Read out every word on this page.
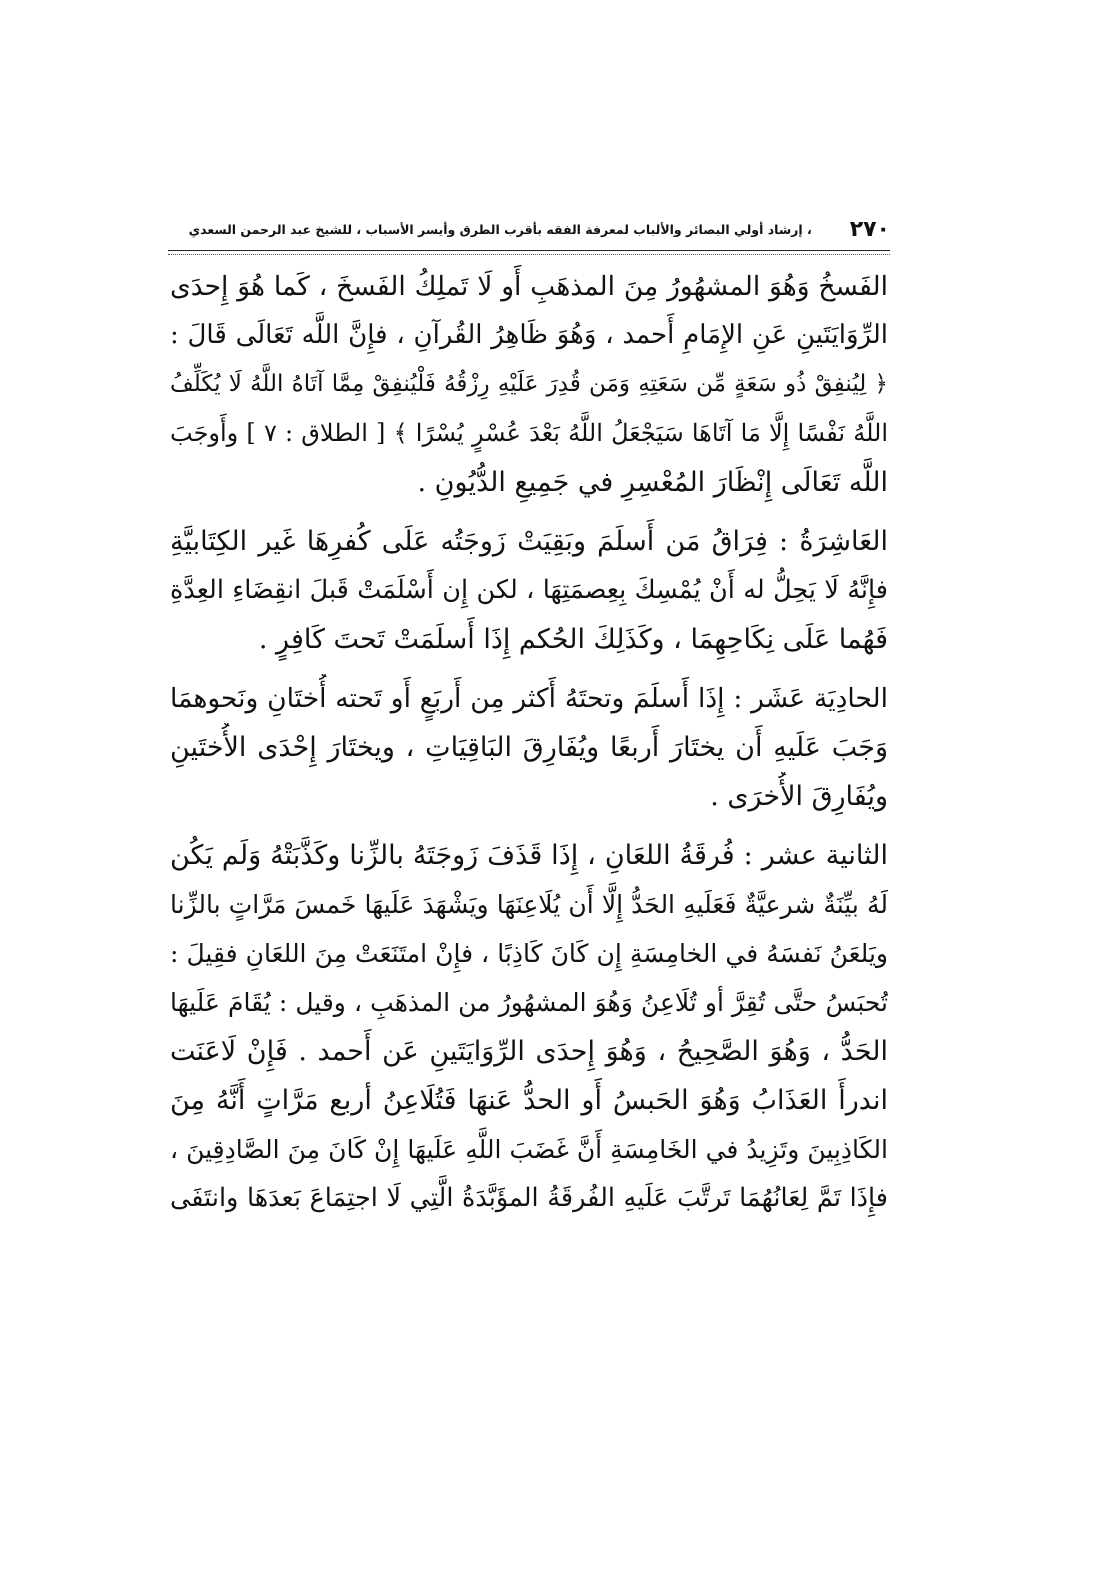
٢٧٠
، إرشاد أولي البصائر والألباب لمعرفة الفقه بأقرب الطرق وأيسر الأسباب ، للشيخ عبد الرحمن السعدي
الفَسخُ وَهُوَ المشهُورُ مِنَ المذهَبِ أَو لَا تَملِكُ الفَسخَ ، كَما هُوَ إِحدَى
الرِّوَايَتَينِ عَنِ الإِمَامِ أَحمد ، وَهُوَ ظَاهِرُ القُرآنِ ، فإِنَّ اللَّه تَعَالَى قَالَ :
﴿ لِيُنفِقْ ذُو سَعَةٍ مِّن سَعَتِهِ وَمَن قُدِرَ عَلَيْهِ رِزْقُهُ فَلْيُنفِقْ مِمَّا آتَاهُ اللَّهُ لَا يُكَلِّفُ
اللَّهُ نَفْسًا إِلَّا مَا آتَاهَا سَيَجْعَلُ اللَّهُ بَعْدَ عُسْرٍ يُسْرًا ﴾ [ الطلاق : ٧ ] وأَوجَبَ
اللَّه تَعَالَى إِنْظَارَ المُعْسِرِ في جَمِيعِ الدُّيُونِ .
العَاشِرَةُ : فِرَاقُ مَن أَسلَمَ وبَقِيَتْ زَوجَتُه عَلَى كُفرِهَا غَير الكِتَابيَّةِ
فإِنَّهُ لَا يَحِلُّ له أَنْ يُمْسِكَ بِعِصمَتِهَا ، لكن إِن أَسْلَمَتْ قَبلَ انقِضَاءِ العِدَّةِ
فَهُما عَلَى نِكَاحِهِمَا ، وكَذَلِكَ الحُكم إِذَا أَسلَمَتْ تَحتَ كَافِرٍ .
الحادِيَة عَشَر : إِذَا أَسلَمَ وتحتَهُ أَكثر مِن أَربَعٍ أَو تَحته أُختَانِ ونَحوهمَا
وَجَبَ عَلَيهِ أَن يختَارَ أَربعًا ويُفَارِقَ البَاقِيَاتِ ، ويختَارَ إِحْدَى الأُختَينِ
ويُفَارِقَ الأُخرَى .
الثانية عشر : فُرقَةُ اللعَانِ ، إِذَا قَذَفَ زَوجَتَهُ بالزِّنا وكَذَّبَتْهُ وَلَم يَكُن
لَهُ بيِّنَةٌ شرعيَّةٌ فَعَلَيهِ الحَدُّ إِلَّا أَن يُلَاعِنَهَا ويَشْهَدَ عَلَيهَا خَمسَ مَرَّاتٍ بالزِّنا
ويَلعَنُ نَفسَهُ في الخامِسَةِ إِن كَانَ كَاذِبًا ، فإِنْ امتَنَعَتْ مِنَ اللعَانِ فقِيلَ :
تُحبَسُ حتَّى تُقِرَّ أو تُلَاعِنُ وَهُوَ المشهُورُ من المذهَبِ ، وقيل : يُقَامَ عَلَيهَا
الحَدُّ ، وَهُوَ الصَّحِيحُ ، وَهُوَ إِحدَى الرِّوَايَتَينِ عَن أَحمد . فَإِنْ لَاعَنَت
اندرأَ العَذَابُ وَهُوَ الحَبسُ أَو الحدُّ عَنهَا فَتُلَاعِنُ أربع مَرَّاتٍ أَنَّهُ مِنَ
الكَاذِبِينَ وتَزِيدُ في الخَامِسَةِ أَنَّ غَضَبَ اللَّهِ عَلَيهَا إِنْ كَانَ مِنَ الصَّادِقِينَ ،
فإِذَا تَمَّ لِعَانُهُمَا تَرتَّبَ عَلَيهِ الفُرقَةُ المؤَبَّدَةُ الَّتِي لَا اجتِمَاعَ بَعدَهَا وانتَفَى
